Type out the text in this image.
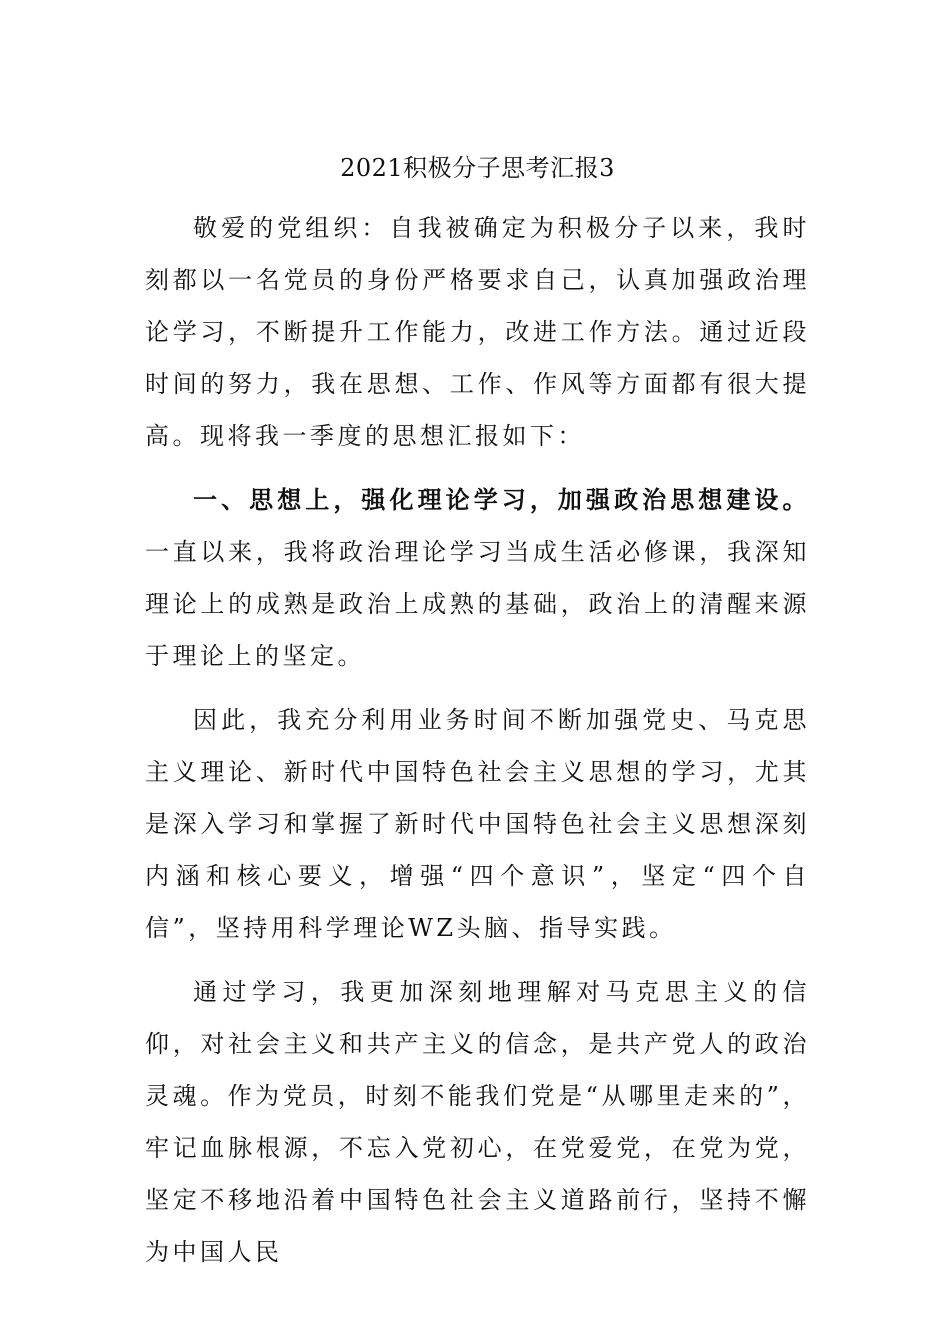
2021积极分子思考汇报3

敬爱的党组织：自我被确定为积极分子以来，我时刻都以一名党员的身份严格要求自己，认真加强政治理论学习，不断提升工作能力，改进工作方法。通过近段时间的努力，我在思想、工作、作风等方面都有很大提高。现将我一季度的思想汇报如下：

一、思想上，强化理论学习，加强政治思想建设。一直以来，我将政治理论学习当成生活必修课，我深知理论上的成熟是政治上成熟的基础，政治上的清醒来源于理论上的坚定。

因此，我充分利用业务时间不断加强党史、马克思主义理论、新时代中国特色社会主义思想的学习，尤其是深入学习和掌握了新时代中国特色社会主义思想深刻内涵和核心要义，增强“四个意识”，坚定“四个自信”，坚持用科学理论WZ头脑、指导实践。

通过学习，我更加深刻地理解对马克思主义的信仰，对社会主义和共产主义的信念，是共产党人的政治灵魂。作为党员，时刻不能我们党是“从哪里走来的”，牢记血脉根源，不忘入党初心，在党爱党，在党为党，坚定不移地沿着中国特色社会主义道路前行，坚持不懈为中国人民
